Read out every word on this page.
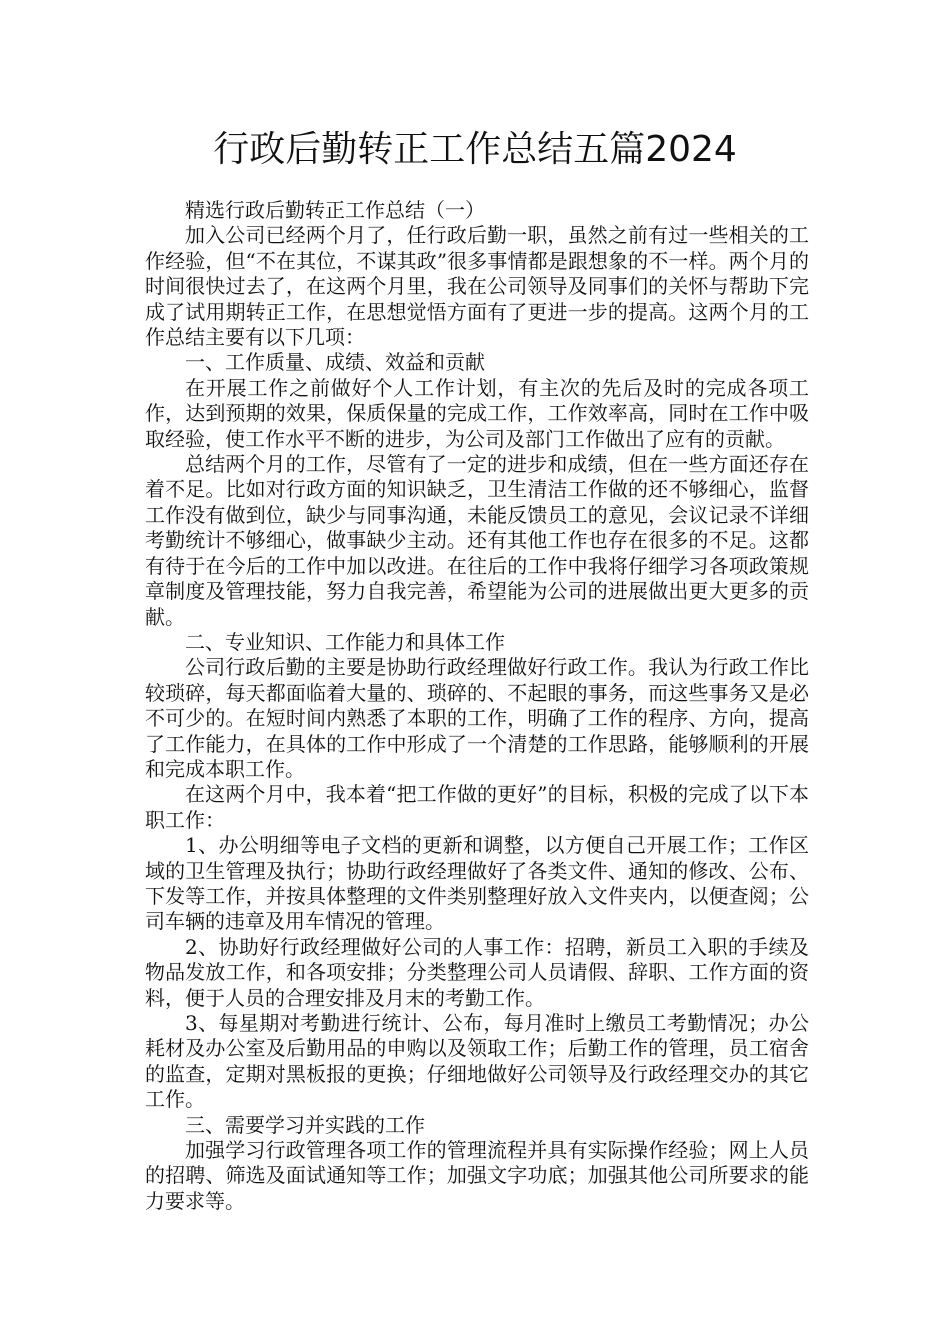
行政后勤转正工作总结五篇2024

精选行政后勤转正工作总结（一）

加入公司已经两个月了，任行政后勤一职，虽然之前有过一些相关的工作经验，但“不在其位，不谋其政”很多事情都是跟想象的不一样。两个月的时间很快过去了，在这两个月里，我在公司领导及同事们的关怀与帮助下完成了试用期转正工作，在思想觉悟方面有了更进一步的提高。这两个月的工作总结主要有以下几项：

一、工作质量、成绩、效益和贡献

在开展工作之前做好个人工作计划，有主次的先后及时的完成各项工作，达到预期的效果，保质保量的完成工作，工作效率高，同时在工作中吸取经验，使工作水平不断的进步，为公司及部门工作做出了应有的贡献。

总结两个月的工作，尽管有了一定的进步和成绩，但在一些方面还存在着不足。比如对行政方面的知识缺乏，卫生清洁工作做的还不够细心，监督工作没有做到位，缺少与同事沟通，未能反馈员工的意见，会议记录不详细考勤统计不够细心，做事缺少主动。还有其他工作也存在很多的不足。这都有待于在今后的工作中加以改进。在往后的工作中我将仔细学习各项政策规章制度及管理技能，努力自我完善，希望能为公司的进展做出更大更多的贡献。

二、专业知识、工作能力和具体工作

公司行政后勤的主要是协助行政经理做好行政工作。我认为行政工作比较琐碎，每天都面临着大量的、琐碎的、不起眼的事务，而这些事务又是必不可少的。在短时间内熟悉了本职的工作，明确了工作的程序、方向，提高了工作能力，在具体的工作中形成了一个清楚的工作思路，能够顺利的开展和完成本职工作。

在这两个月中，我本着“把工作做的更好”的目标，积极的完成了以下本职工作：

1、办公明细等电子文档的更新和调整，以方便自己开展工作；工作区域的卫生管理及执行；协助行政经理做好了各类文件、通知的修改、公布、下发等工作，并按具体整理的文件类别整理好放入文件夹内，以便查阅；公司车辆的违章及用车情况的管理。

2、协助好行政经理做好公司的人事工作：招聘，新员工入职的手续及物品发放工作，和各项安排；分类整理公司人员请假、辞职、工作方面的资料，便于人员的合理安排及月末的考勤工作。

3、每星期对考勤进行统计、公布，每月准时上缴员工考勤情况；办公耗材及办公室及后勤用品的申购以及领取工作；后勤工作的管理，员工宿舍的监查，定期对黑板报的更换；仔细地做好公司领导及行政经理交办的其它工作。

三、需要学习并实践的工作

加强学习行政管理各项工作的管理流程并具有实际操作经验；网上人员的招聘、筛选及面试通知等工作；加强文字功底；加强其他公司所要求的能力要求等。
